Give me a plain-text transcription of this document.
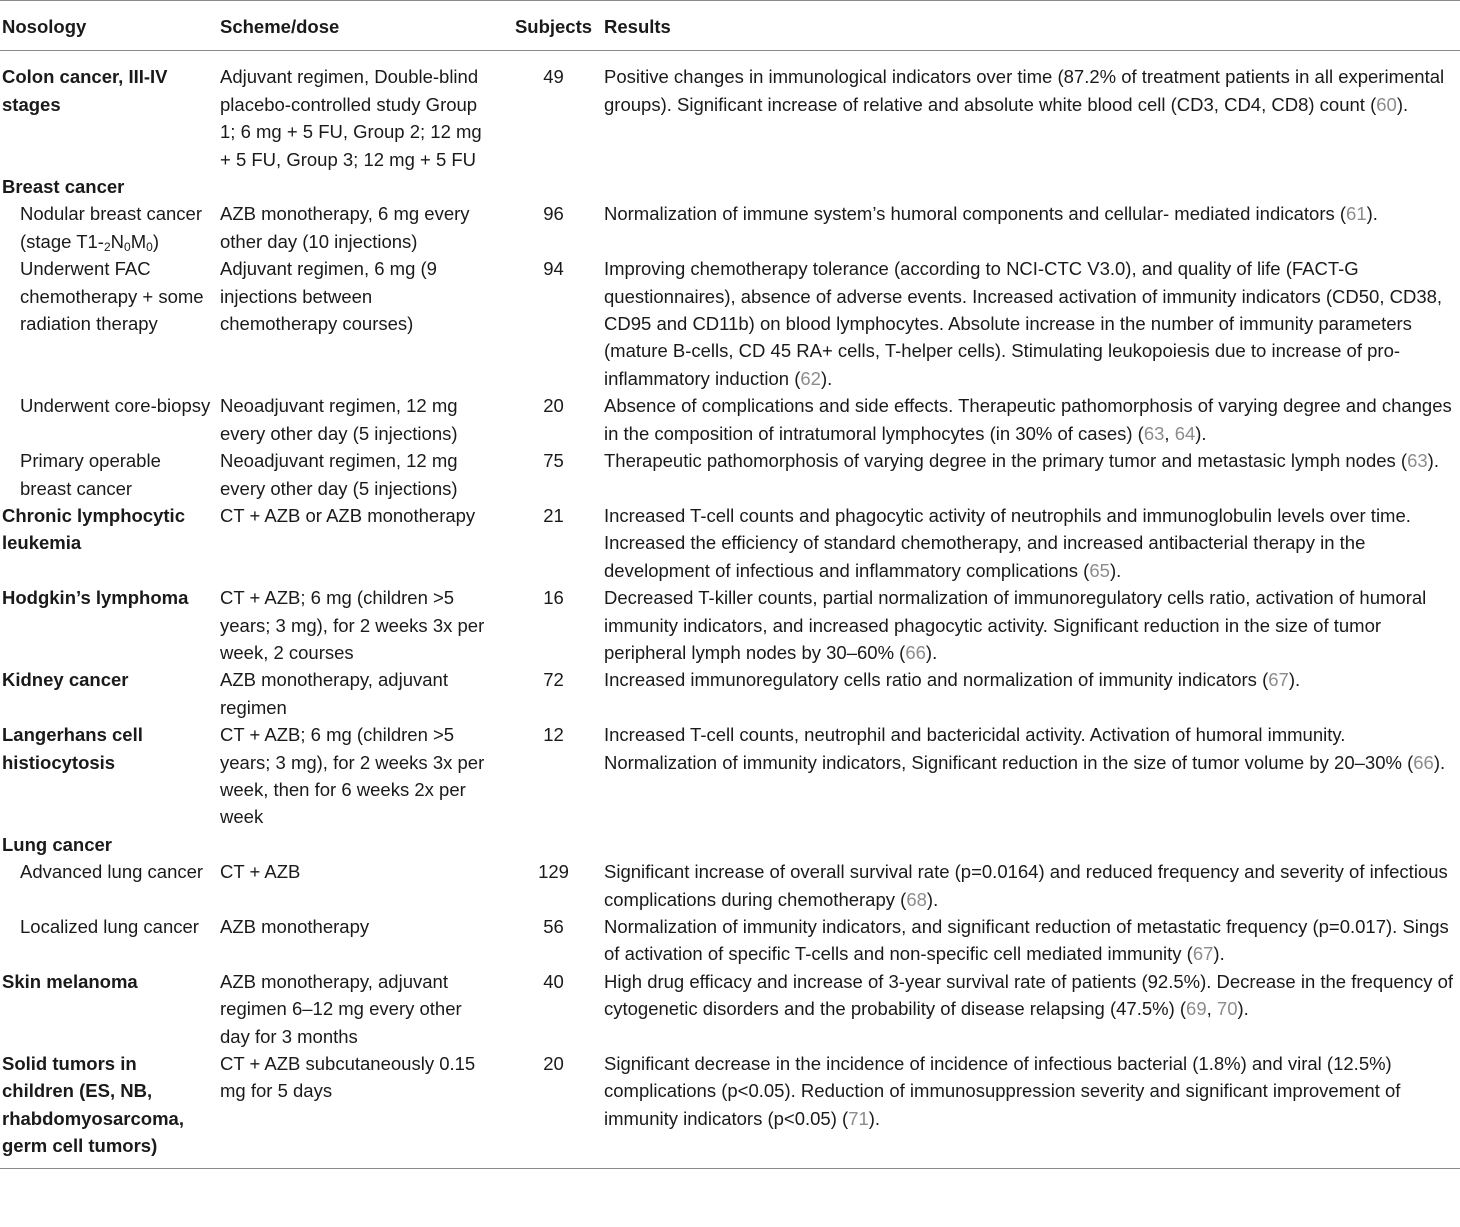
Nosology	Scheme/dose	Subjects	Results
Colon cancer, III-IV stages	Adjuvant regimen, Double-blind placebo-controlled study Group 1; 6 mg + 5 FU, Group 2; 12 mg + 5 FU, Group 3; 12 mg + 5 FU	49	Positive changes in immunological indicators over time (87.2% of treatment patients in all experimental groups). Significant increase of relative and absolute white blood cell (CD3, CD4, CD8) count (60).
Breast cancer			
Nodular breast cancer (stage $T1-_2N_0M_0$)	AZB monotherapy, 6 mg every other day (10 injections)	96	Normalization of immune system’s humoral components and cellular- mediated indicators (61).
Underwent FAC chemotherapy + some radiation therapy	Adjuvant regimen, 6 mg (9 injections between chemotherapy courses)	94	Improving chemotherapy tolerance (according to NCI-CTC V3.0), and quality of life (FACT-G questionnaires), absence of adverse events. Increased activation of immunity indicators (CD50, CD38, CD95 and CD11b) on blood lymphocytes. Absolute increase in the number of immunity parameters (mature B-cells, CD 45 RA+ cells, T-helper cells). Stimulating leukopoiesis due to increase of pro-inflammatory induction (62).
Underwent core-biopsy	Neoadjuvant regimen, 12 mg every other day (5 injections)	20	Absence of complications and side effects. Therapeutic pathomorphosis of varying degree and changes in the composition of intratumoral lymphocytes (in 30% of cases) (63, 64).
Primary operable breast cancer	Neoadjuvant regimen, 12 mg every other day (5 injections)	75	Therapeutic pathomorphosis of varying degree in the primary tumor and metastasic lymph nodes (63).
Chronic lymphocytic leukemia	CT + AZB or AZB monotherapy	21	Increased T-cell counts and phagocytic activity of neutrophils and immunoglobulin levels over time. Increased the efficiency of standard chemotherapy, and increased antibacterial therapy in the development of infectious and inflammatory complications (65).
Hodgkin’s lymphoma	CT + AZB; 6 mg (children >5 years; 3 mg), for 2 weeks 3x per week, 2 courses	16	Decreased T-killer counts, partial normalization of immunoregulatory cells ratio, activation of humoral immunity indicators, and increased phagocytic activity. Significant reduction in the size of tumor peripheral lymph nodes by 30–60% (66).
Kidney cancer	AZB monotherapy, adjuvant regimen	72	Increased immunoregulatory cells ratio and normalization of immunity indicators (67).
Langerhans cell histiocytosis	CT + AZB; 6 mg (children >5 years; 3 mg), for 2 weeks 3x per week, then for 6 weeks 2x per week	12	Increased T-cell counts, neutrophil and bactericidal activity. Activation of humoral immunity. Normalization of immunity indicators, Significant reduction in the size of tumor volume by 20–30% (66).
Lung cancer			
Advanced lung cancer	CT + AZB	129	Significant increase of overall survival rate (p=0.0164) and reduced frequency and severity of infectious complications during chemotherapy (68).
Localized lung cancer	AZB monotherapy	56	Normalization of immunity indicators, and significant reduction of metastatic frequency (p=0.017). Sings of activation of specific T-cells and non-specific cell mediated immunity (67).
Skin melanoma	AZB monotherapy, adjuvant regimen 6–12 mg every other day for 3 months	40	High drug efficacy and increase of 3-year survival rate of patients (92.5%). Decrease in the frequency of cytogenetic disorders and the probability of disease relapsing (47.5%) (69, 70).
Solid tumors in children (ES, NB, rhabdomyosarcoma, germ cell tumors)	CT + AZB subcutaneously 0.15 mg for 5 days	20	Significant decrease in the incidence of incidence of infectious bacterial (1.8%) and viral (12.5%) complications (p<0.05). Reduction of immunosuppression severity and significant improvement of immunity indicators (p<0.05) (71).
